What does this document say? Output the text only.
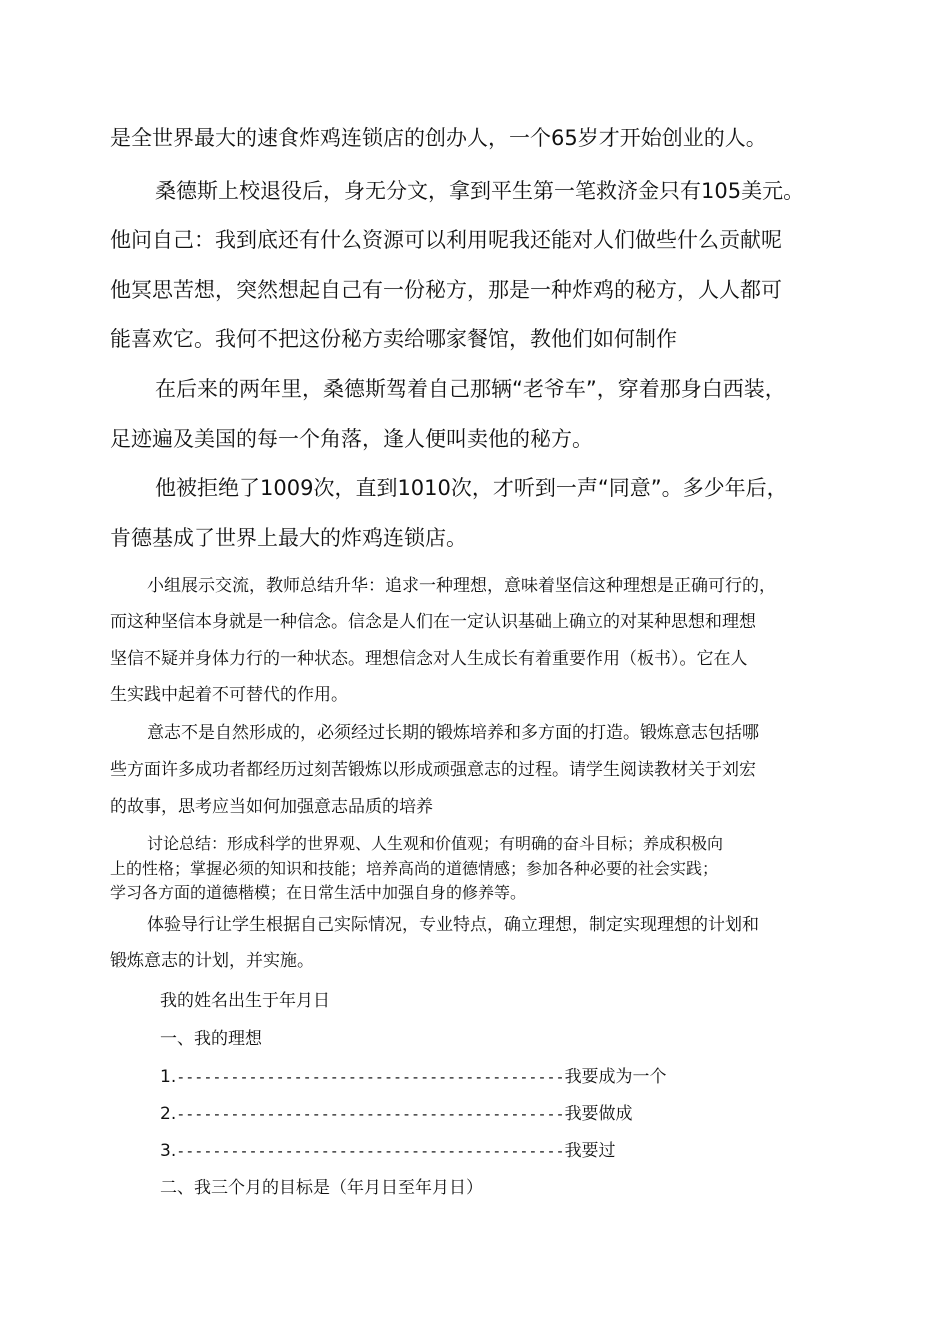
是全世界最大的速食炸鸡连锁店的创办人，一个65岁才开始创业的人。
桑德斯上校退役后，身无分文，拿到平生第一笔救济金只有105美元。
他问自己：我到底还有什么资源可以利用呢我还能对人们做些什么贡献呢
他冥思苦想，突然想起自己有一份秘方，那是一种炸鸡的秘方，人人都可
能喜欢它。我何不把这份秘方卖给哪家餐馆，教他们如何制作
在后来的两年里，桑德斯驾着自己那辆“老爷车”，穿着那身白西装，
足迹遍及美国的每一个角落，逢人便叫卖他的秘方。
他被拒绝了1009次，直到1010次，才听到一声“同意”。多少年后，
肯德基成了世界上最大的炸鸡连锁店。
小组展示交流，教师总结升华：追求一种理想，意味着坚信这种理想是正确可行的，
而这种坚信本身就是一种信念。信念是人们在一定认识基础上确立的对某种思想和理想
坚信不疑并身体力行的一种状态。理想信念对人生成长有着重要作用（板书）。它在人
生实践中起着不可替代的作用。
意志不是自然形成的，必须经过长期的锻炼培养和多方面的打造。锻炼意志包括哪
些方面许多成功者都经历过刻苦锻炼以形成顽强意志的过程。请学生阅读教材关于刘宏
的故事，思考应当如何加强意志品质的培养
讨论总结：形成科学的世界观、人生观和价值观；有明确的奋斗目标；养成积极向
上的性格；掌握必须的知识和技能；培养高尚的道德情感；参加各种必要的社会实践；
学习各方面的道德楷模；在日常生活中加强自身的修养等。
体验导行让学生根据自己实际情况，专业特点，确立理想，制定实现理想的计划和
锻炼意志的计划，并实施。
我的姓名出生于年月日
一、我的理想
1.-------------------------------------------我要成为一个
2.-------------------------------------------我要做成
3.-------------------------------------------我要过
二、我三个月的目标是（年月日至年月日）
